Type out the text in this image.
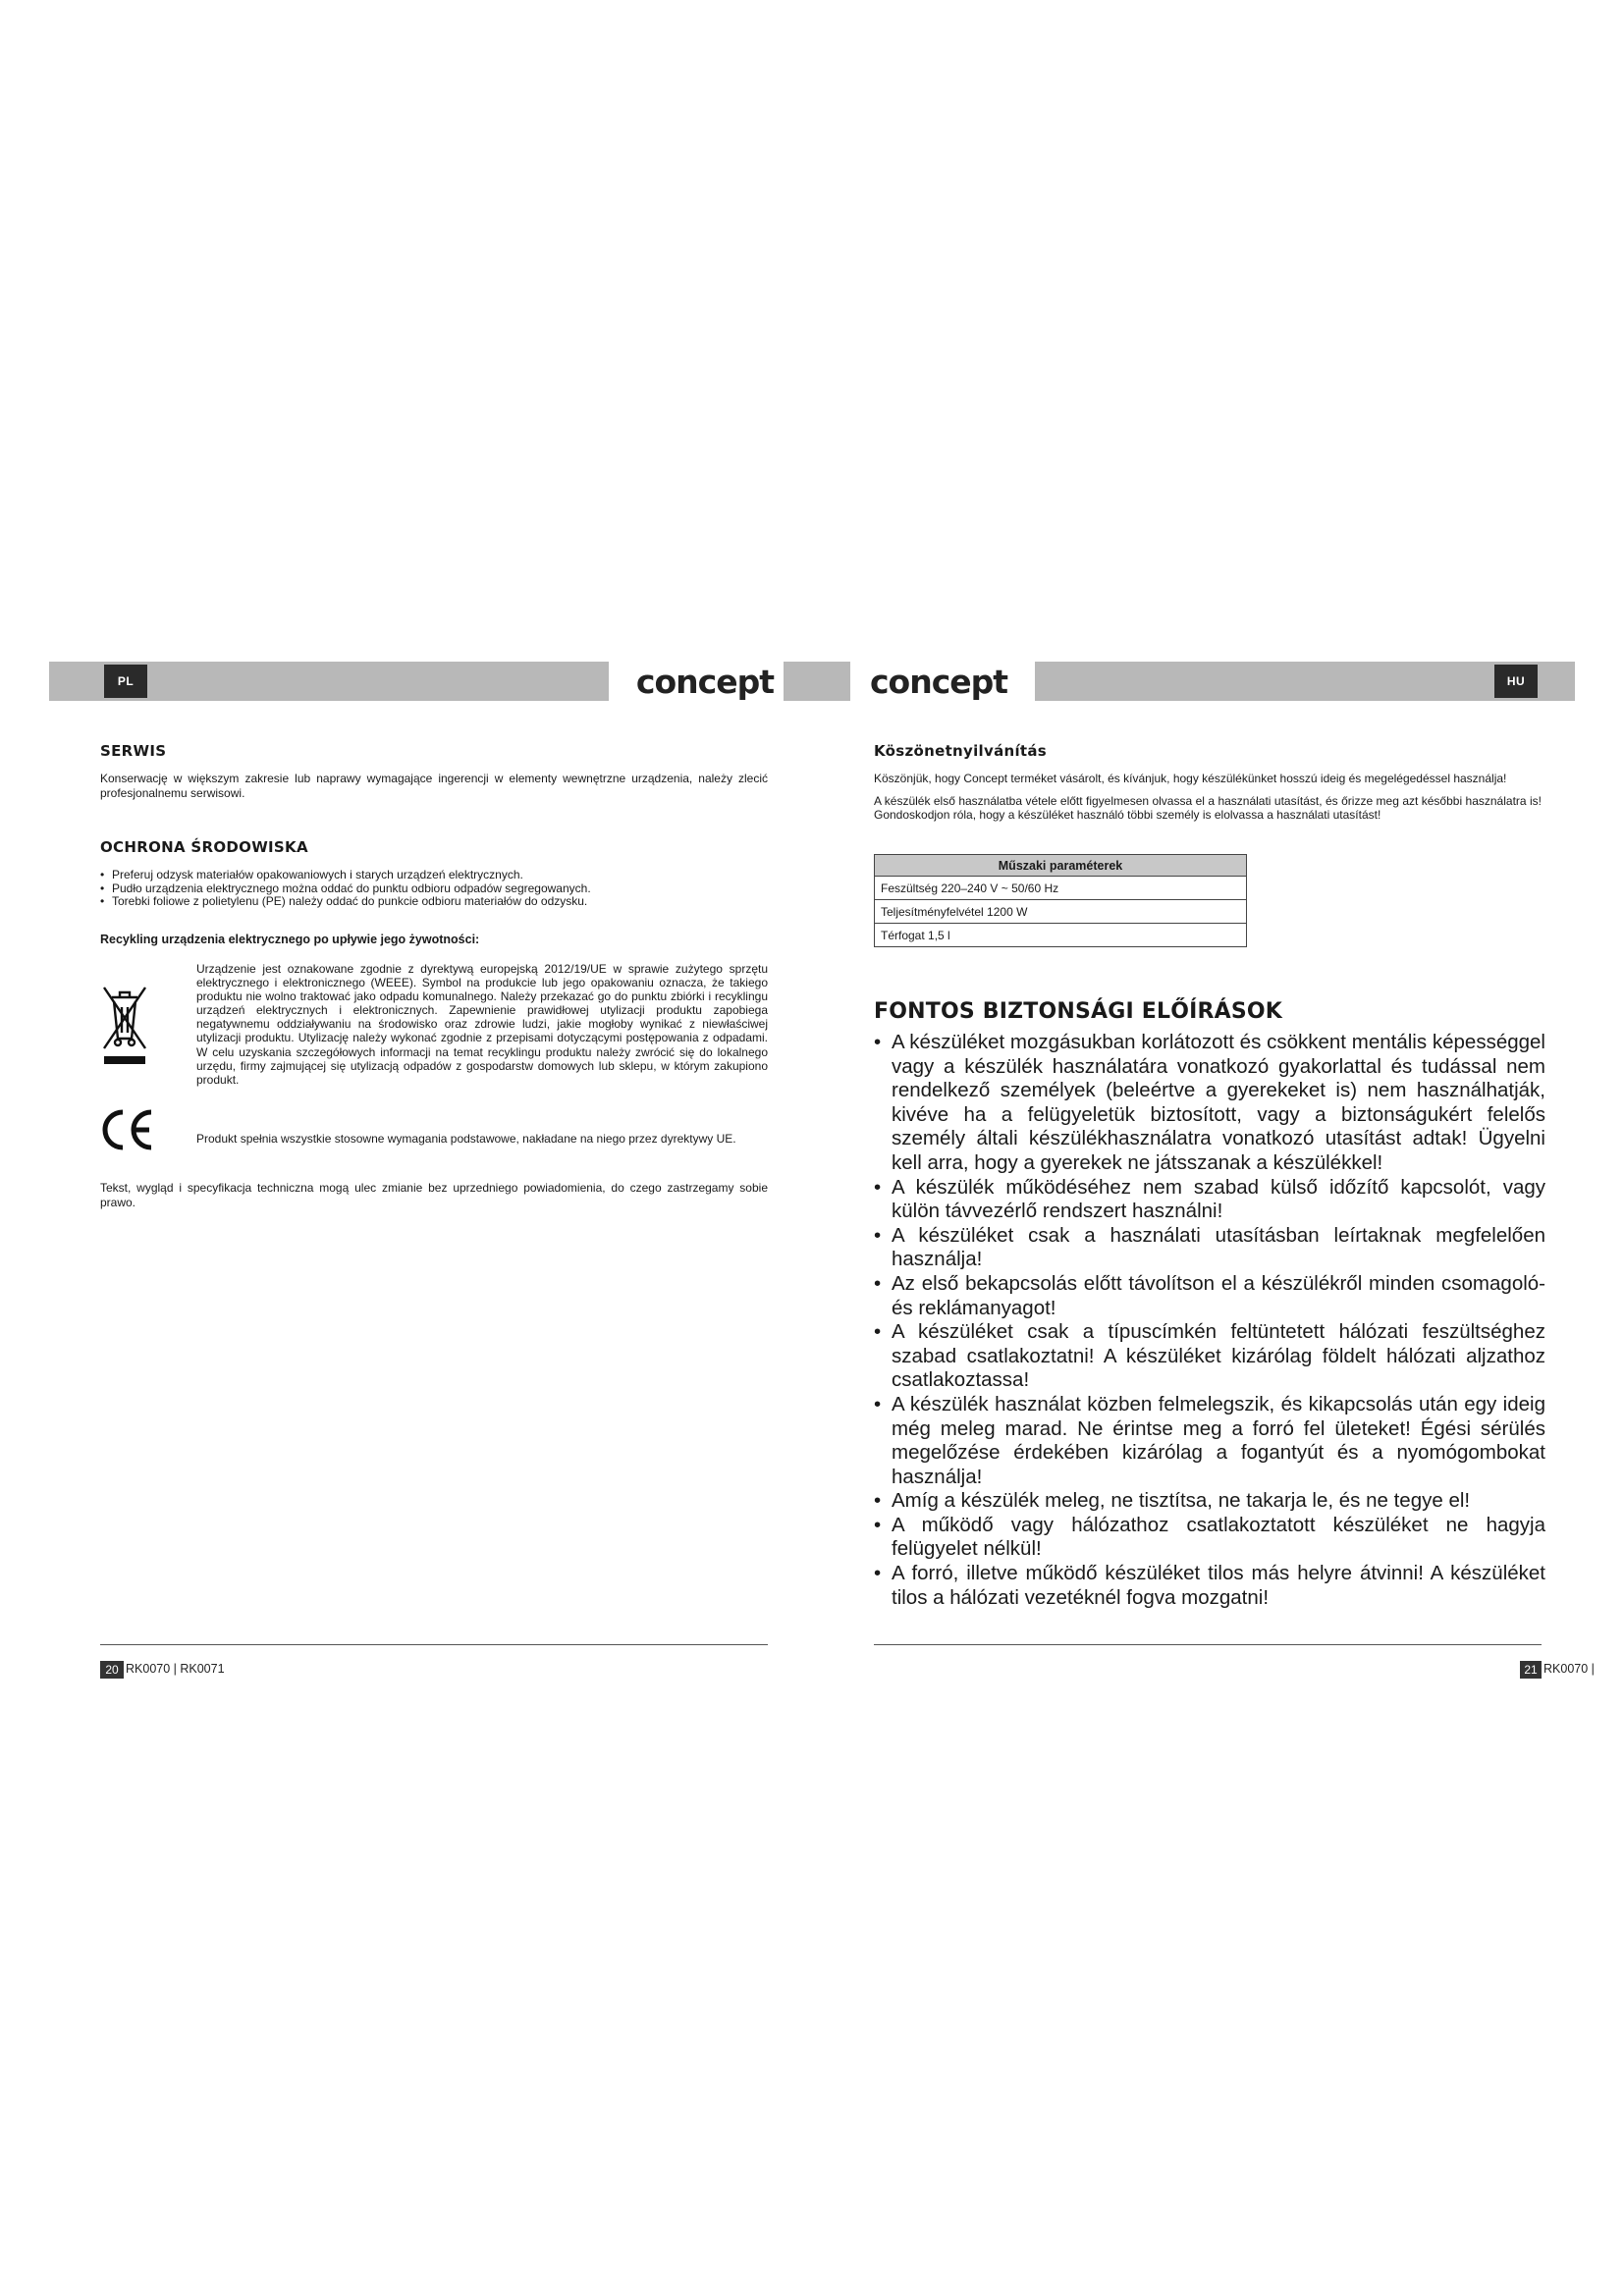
PL	concept	concept	HU
SERWIS

Konserwację w większym zakresie lub naprawy wymagające ingerencji w elementy wewnętrzne urządzenia, należy zlecić profesjonalnemu serwisowi.

OCHRONA ŚRODOWISKA
• Preferuj odzysk materiałów opakowaniowych i starych urządzeń elektrycznych.
• Pudło urządzenia elektrycznego można oddać do punktu odbioru odpadów segregowanych.
• Torebki foliowe z polietylenu (PE) należy oddać do punkcie odbioru materiałów do odzysku.

Recykling urządzenia elektrycznego po upływie jego żywotności:

Urządzenie jest oznakowane zgodnie z dyrektywą europejską 2012/19/UE w sprawie zużytego sprzętu elektrycznego i elektronicznego (WEEE). Symbol na produkcie lub jego opakowaniu oznacza, że takiego produktu nie wolno traktować jako odpadu komunalnego. Należy przekazać go do punktu zbiórki i recyklingu urządzeń elektrycznych i elektronicznych. Zapewnienie prawidłowej utylizacji produktu zapobiega negatywnemu oddziaływaniu na środowisko oraz zdrowie ludzi, jakie mogłoby wynikać z niewłaściwej utylizacji produktu. Utylizację należy wykonać zgodnie z przepisami dotyczącymi postępowania z odpadami. W celu uzyskania szczegółowych informacji na temat recyklingu produktu należy zwrócić się do lokalnego urzędu, firmy zajmującej się utylizacją odpadów z gospodarstw domowych lub sklepu, w którym zakupiono produkt.

Produkt spełnia wszystkie stosowne wymagania podstawowe, nakładane na niego przez dyrektywy UE.

Tekst, wygląd i specyfikacja techniczna mogą ulec zmianie bez uprzedniego powiadomienia, do czego zastrzegamy sobie prawo.

Köszönetnyilvánítás

Köszönjük, hogy Concept terméket vásárolt, és kívánjuk, hogy készülékünket hosszú ideig és megelégedéssel használja!

A készülék első használatba vétele előtt figyelmesen olvassa el a használati utasítást, és őrizze meg azt későbbi használatra is! Gondoskodjon róla, hogy a készüléket használó többi személy is elolvassa a használati utasítást!

Műszaki paraméterek
Feszültség 220–240 V ~ 50/60 Hz
Teljesítményfelvétel 1200 W
Térfogat 1,5 l
FONTOS BIZTONSÁGI ELŐÍRÁSOK
• A készüléket mozgásukban korlátozott és csökkent mentális képességgel vagy a készülék használatára vonatkozó gyakorlattal és tudással nem rendelkező személyek (beleértve a gyerekeket is) nem használhatják, kivéve ha a felügyeletük biztosított, vagy a biztonságukért felelős személy általi készülékhasználatra vonatkozó utasítást adtak! Ügyelni kell arra, hogy a gyerekek ne játsszanak a készülékkel!
• A készülék működéséhez nem szabad külső időzítő kapcsolót, vagy külön távvezérlő rendszert használni!
• A készüléket csak a használati utasításban leírtaknak megfelelően használja!
• Az első bekapcsolás előtt távolítson el a készülékről minden csomagoló- és reklámanyagot!
• A készüléket csak a típuscímkén feltüntetett hálózati feszültséghez szabad csatlakoztatni! A készüléket kizárólag földelt hálózati aljzathoz csatlakoztassa!
• A készülék használat közben felmelegszik, és kikapcsolás után egy ideig még meleg marad. Ne érintse meg a forró fel ületeket! Égési sérülés megelőzése érdekében kizárólag a fogantyút és a nyomógombokat használja!
• Amíg a készülék meleg, ne tisztítsa, ne takarja le, és ne tegye el!
• A működő vagy hálózathoz csatlakoztatott készüléket ne hagyja felügyelet nélkül!
• A forró, illetve működő készüléket tilos más helyre átvinni! A készüléket tilos a hálózati vezetéknél fogva mozgatni!
20 RK0070 | RK0071	21 RK0070 |
